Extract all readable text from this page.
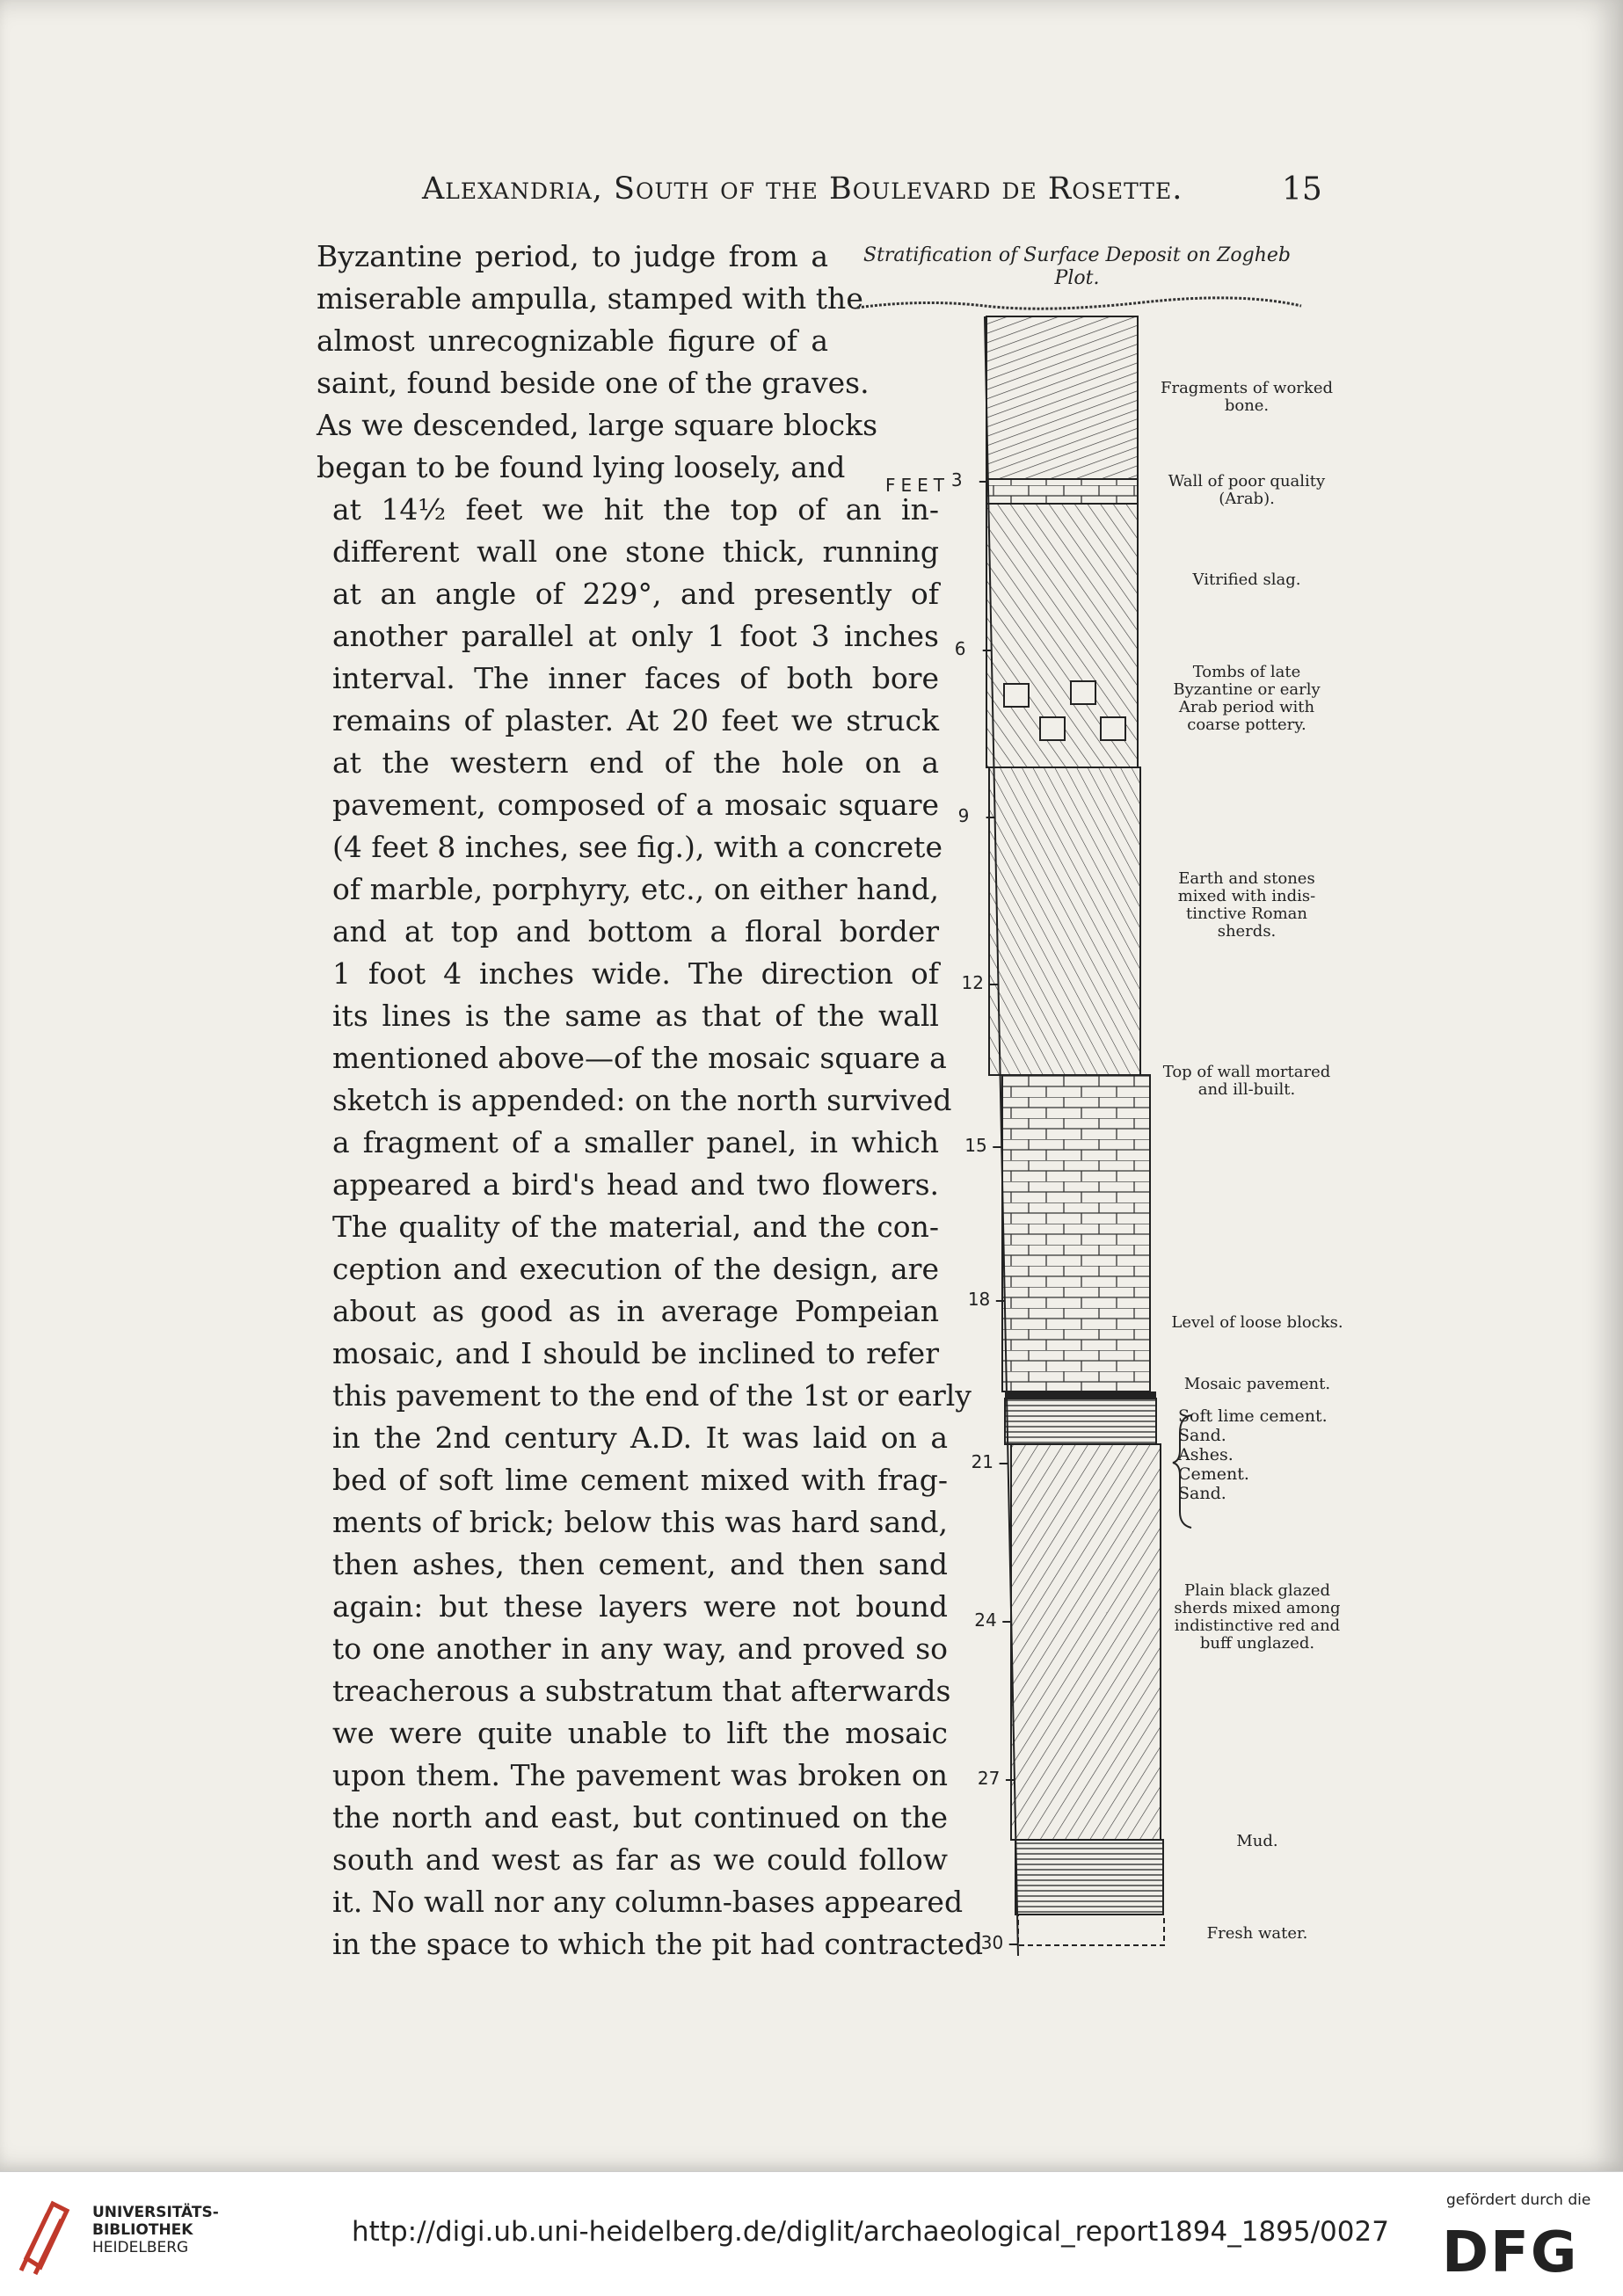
Alexandria, South of the Boulevard de Rosette.	15
Byzantine period, to judge from a
miserable ampulla, stamped with the
almost unrecognizable figure of a
saint, found beside one of the graves.
As we descended, large square blocks
began to be found lying loosely, and
at 14½ feet we hit the top of an in-
different wall one stone thick, running
at an angle of 229°, and presently of
another parallel at only 1 foot 3 inches
interval. The inner faces of both bore
remains of plaster. At 20 feet we struck
at the western end of the hole on a
pavement, composed of a mosaic square
(4 feet 8 inches, see fig.), with a concrete
of marble, porphyry, etc., on either hand,
and at top and bottom a floral border
1 foot 4 inches wide. The direction of
its lines is the same as that of the wall
mentioned above—of the mosaic square a
sketch is appended: on the north survived
a fragment of a smaller panel, in which
appeared a bird's head and two flowers.
The quality of the material, and the con-
ception and execution of the design, are
about as good as in average Pompeian
mosaic, and I should be inclined to refer
this pavement to the end of the 1st or early
in the 2nd century A.D. It was laid on a
bed of soft lime cement mixed with frag-
ments of brick; below this was hard sand,
then ashes, then cement, and then sand
again: but these layers were not bound
to one another in any way, and proved so
treacherous a substratum that afterwards
we were quite unable to lift the mosaic
upon them. The pavement was broken on
the north and east, but continued on the
south and west as far as we could follow
it. No wall nor any column-bases appeared
in the space to which the pit had contracted
Stratification of Surface Deposit on Zogheb Plot.
FEET 3
6
9
12
15
18
21
24
27
30
Fragments of worked bone.
Wall of poor quality (Arab).
Vitrified slag.
Tombs of late Byzantine or early Arab period with coarse pottery.
Earth and stones mixed with indis-tinctive Roman sherds.
Top of wall mortared and ill-built.
Level of loose blocks.
Mosaic pavement.
Plain black glazed sherds mixed among indistinctive red and buff unglazed.
Mud.
Fresh water.
Soft lime cement.
Sand.
Ashes.
Cement.
Sand.
UNIVERSITÄTS-
BIBLIOTHEK
HEIDELBERG	http://digi.ub.uni-heidelberg.de/diglit/archaeological_report1894_1895/0027
gefördert durch die
DFG
